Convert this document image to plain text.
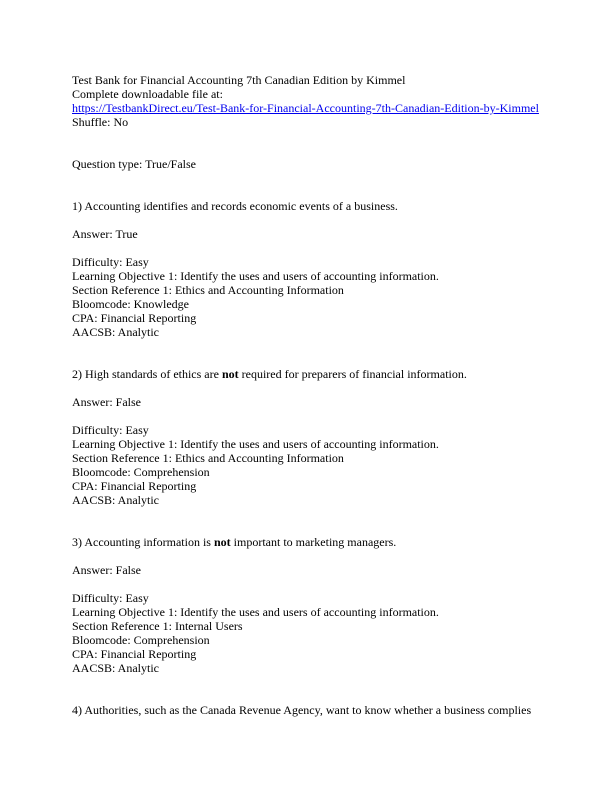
Test Bank for Financial Accounting 7th Canadian Edition by Kimmel
Complete downloadable file at:
https://TestbankDirect.eu/Test-Bank-for-Financial-Accounting-7th-Canadian-Edition-by-Kimmel
Shuffle: No
Question type: True/False
1) Accounting identifies and records economic events of a business.
Answer: True
Difficulty: Easy
Learning Objective 1: Identify the uses and users of accounting information.
Section Reference 1: Ethics and Accounting Information
Bloomcode: Knowledge
CPA: Financial Reporting
AACSB: Analytic
2) High standards of ethics are not required for preparers of financial information.
Answer: False
Difficulty: Easy
Learning Objective 1: Identify the uses and users of accounting information.
Section Reference 1: Ethics and Accounting Information
Bloomcode: Comprehension
CPA: Financial Reporting
AACSB: Analytic
3) Accounting information is not important to marketing managers.
Answer: False
Difficulty: Easy
Learning Objective 1: Identify the uses and users of accounting information.
Section Reference 1: Internal Users
Bloomcode: Comprehension
CPA: Financial Reporting
AACSB: Analytic
4) Authorities, such as the Canada Revenue Agency, want to know whether a business complies
